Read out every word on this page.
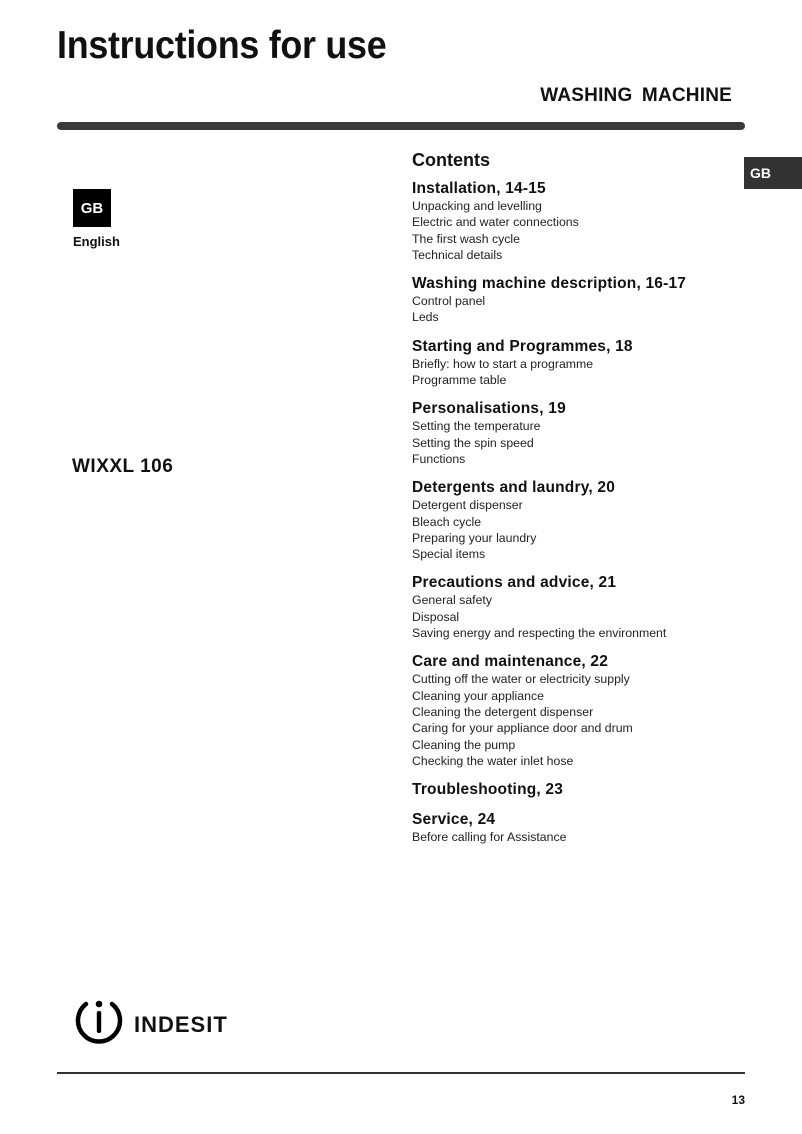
Instructions for use
WASHING MACHINE
GB
GB
English
WIXXL 106
Contents
Installation, 14-15
Unpacking and levelling
Electric and water connections
The first wash cycle
Technical details
Washing machine description, 16-17
Control panel
Leds
Starting and Programmes, 18
Briefly: how to start a programme
Programme table
Personalisations, 19
Setting the temperature
Setting the spin speed
Functions
Detergents and laundry, 20
Detergent dispenser
Bleach cycle
Preparing your laundry
Special items
Precautions and advice, 21
General safety
Disposal
Saving energy and respecting the environment
Care and maintenance, 22
Cutting off the water or electricity supply
Cleaning your appliance
Cleaning the detergent dispenser
Caring for your appliance door and drum
Cleaning the pump
Checking the water inlet hose
Troubleshooting, 23
Service, 24
Before calling for Assistance
indesit
13
